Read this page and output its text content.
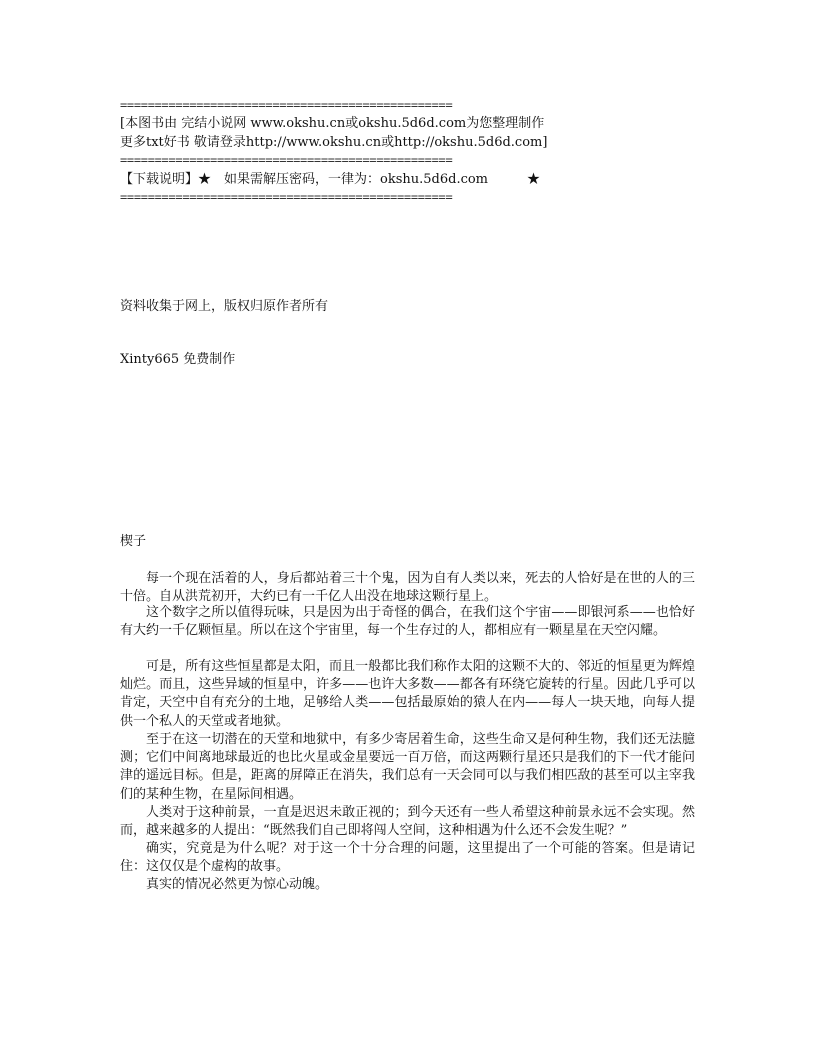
================================================
[本图书由 完结小说网 www.okshu.cn或okshu.5d6d.com为您整理制作
更多txt好书 敬请登录http://www.okshu.cn或http://okshu.5d6d.com]
================================================
【下载说明】★　如果需解压密码，一律为：okshu.5d6d.com　　　★
================================================
资料收集于网上，版权归原作者所有
Xinty665 免费制作
楔子

每一个现在活着的人，身后都站着三十个鬼，因为自有人类以来，死去的人恰好是在世的人的三十倍。自从洪荒初开，大约已有一千亿人出没在地球这颗行星上。

这个数字之所以值得玩味，只是因为出于奇怪的偶合，在我们这个宇宙——即银河系——也恰好有大约一千亿颗恒星。所以在这个宇宙里，每一个生存过的人，都相应有一颗星星在天空闪耀。

可是，所有这些恒星都是太阳，而且一般都比我们称作太阳的这颗不大的、邻近的恒星更为辉煌灿烂。而且，这些异域的恒星中，许多——也许大多数——都各有环绕它旋转的行星。因此几乎可以肯定，天空中自有充分的土地，足够给人类——包括最原始的猿人在内——每人一块天地，向每人提供一个私人的天堂或者地狱。

至于在这一切潜在的天堂和地狱中，有多少寄居着生命，这些生命又是何种生物，我们还无法臆测；它们中间离地球最近的也比火星或金星要远一百万倍，而这两颗行星还只是我们的下一代才能问津的遥远目标。但是，距离的屏障正在消失，我们总有一天会同可以与我们相匹敌的甚至可以主宰我们的某种生物，在星际间相遇。

人类对于这种前景，一直是迟迟未敢正视的；到今天还有一些人希望这种前景永远不会实现。然而，越来越多的人提出：“既然我们自己即将闯人空间，这种相遇为什么还不会发生呢？”

确实，究竟是为什么呢？对于这一个十分合理的问题，这里提出了一个可能的答案。但是请记住：这仅仅是个虚构的故事。

真实的情况必然更为惊心动魄。
